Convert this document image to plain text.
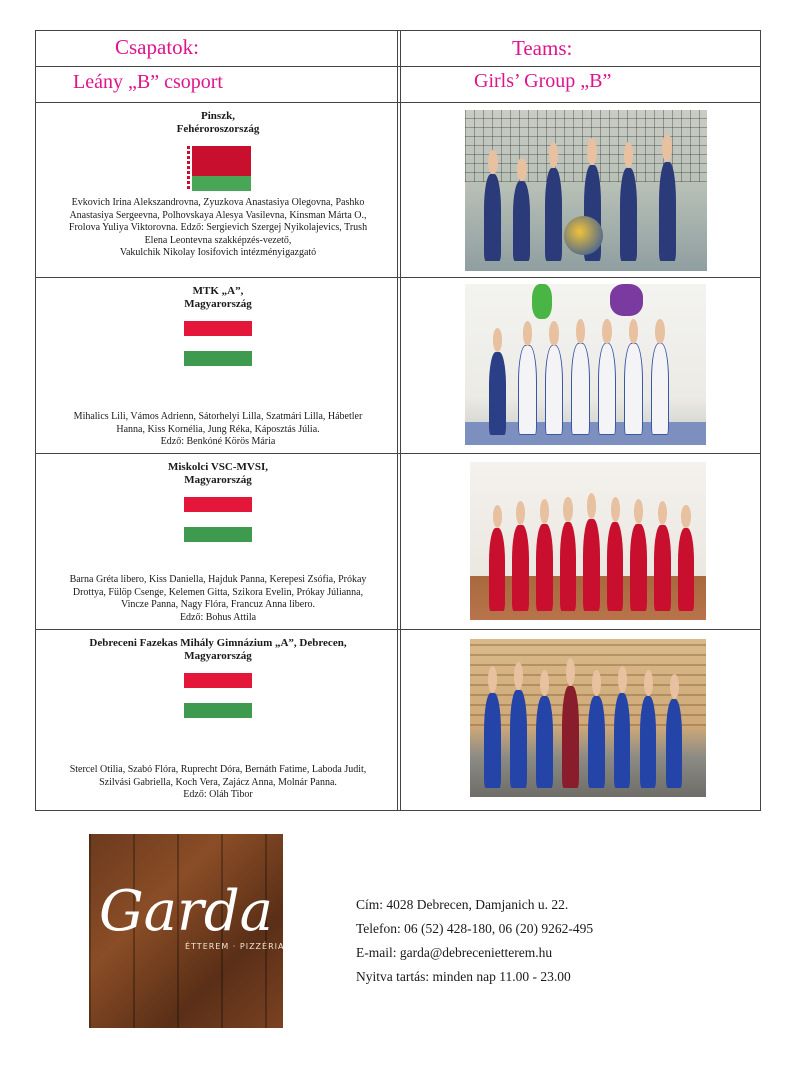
Csapatok:	Teams:
Leány „B” csoport	Girls’ Group „B”
Pinszk,
Fehéroroszország
Evkovich Irina Alekszandrovna, Zyuzkova Anastasiya Olegovna, Pashko
Anastasiya Sergeevna, Polhovskaya Alesya Vasilevna, Kinsman Márta O.,
Frolova Yuliya Viktorovna. Edző: Sergievich Szergej Nyikolajevics, Trush
Elena Leontevna szakképzés-vezető,
Vakulchik Nikolay Iosifovich intézményigazgató
MTK „A”,
Magyarország
Mihalics Lili, Vámos Adrienn, Sátorhelyi Lilla, Szatmári Lilla, Hábetler
Hanna, Kiss Kornélia, Jung Réka, Káposztás Júlia.
Edző: Benkóné Körös Mária
Miskolci VSC-MVSI,
Magyarország
Barna Gréta libero, Kiss Daniella, Hajduk Panna, Kerepesi Zsófia, Prókay
Drottya, Fülöp Csenge, Kelemen Gitta, Szikora Evelin, Prókay Júlianna,
Vincze Panna, Nagy Flóra, Francuz Anna libero.
Edző: Bohus Attila
Debreceni Fazekas Mihály Gimnázium „A”, Debrecen,
Magyarország
Stercel Otilia, Szabó Flóra, Ruprecht Dóra, Bernáth Fatime, Laboda Judit,
Szilvási Gabriella, Koch Vera, Zajácz Anna, Molnár Panna.
Edző: Oláh Tibor
Garda
ÉTTEREM · PIZZÉRIA
Cím: 4028 Debrecen, Damjanich u. 22.
Telefon: 06 (52) 428-180, 06 (20) 9262-495
E-mail: garda@debrecenietterem.hu
Nyitva tartás: minden nap 11.00 - 23.00
